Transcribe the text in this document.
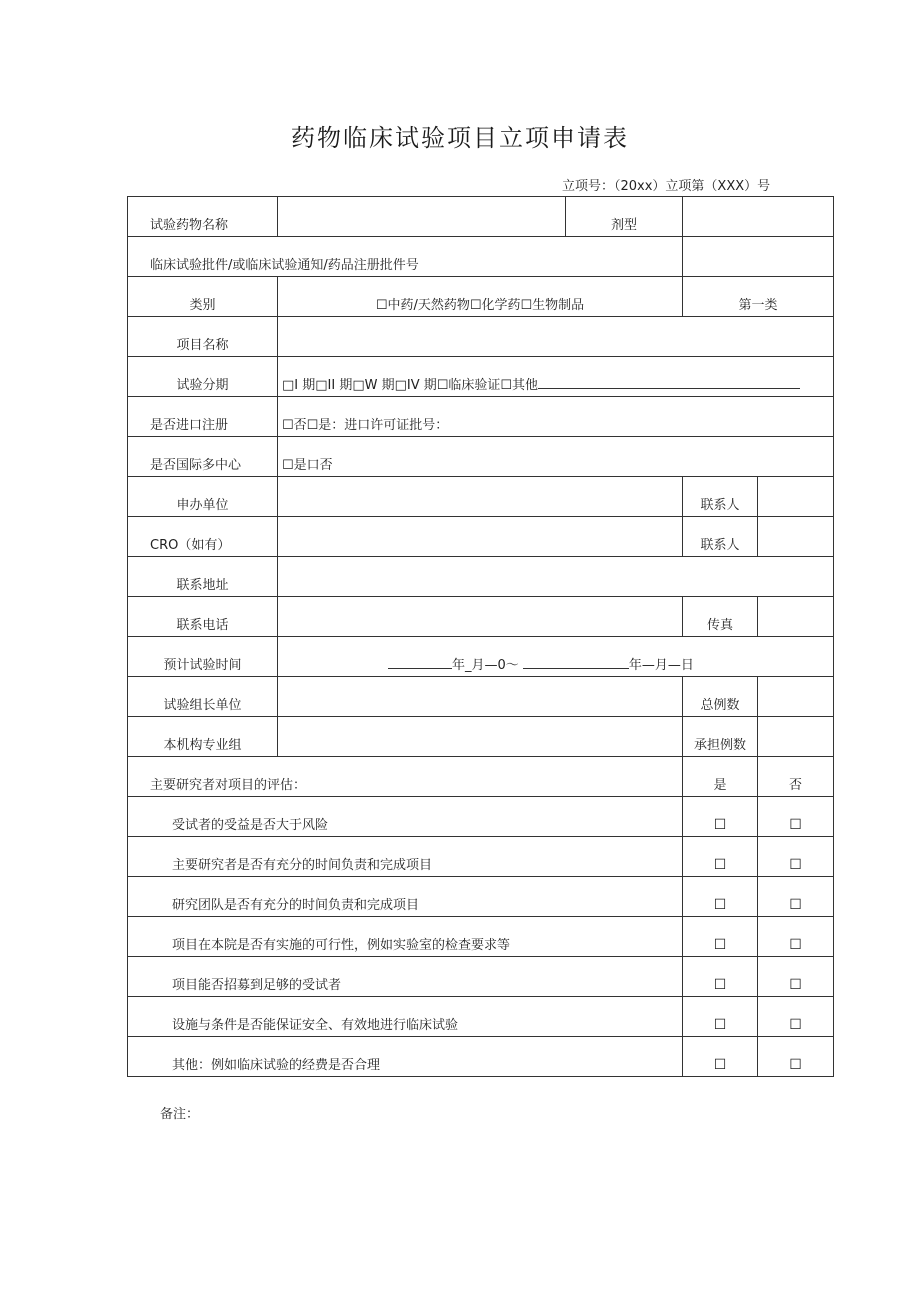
药物临床试验项目立项申请表
立项号：（20xx）立项第（XXX）号
试验药物名称		剂型		
临床试验批件/或临床试验通知/药品注册批件号				
类别	☐中药/天然药物☐化学药☐生物制品		第一类	
项目名称				
试验分期	□I 期□II 期□W 期□IV 期☐临床验证☐其他			
是否进口注册	☐否☐是：进口许可证批号：			
是否国际多中心	☐是口否			
申办单位			联系人	
CRO（如有）			联系人	
联系地址				
联系电话			传真	
预计试验时间	年_月—0～ 年—月—日			
试验组长单位			总例数	
本机构专业组			承担例数	
主要研究者对项目的评估：			是	否
受试者的受益是否大于风险			☐	☐
主要研究者是否有充分的时间负责和完成项目			☐	☐
研究团队是否有充分的时间负责和完成项目			☐	☐
项目在本院是否有实施的可行性，例如实验室的检查要求等			☐	☐
项目能否招募到足够的受试者			☐	☐
设施与条件是否能保证安全、有效地进行临床试验			☐	☐
其他：例如临床试验的经费是否合理			☐	☐
备注：
